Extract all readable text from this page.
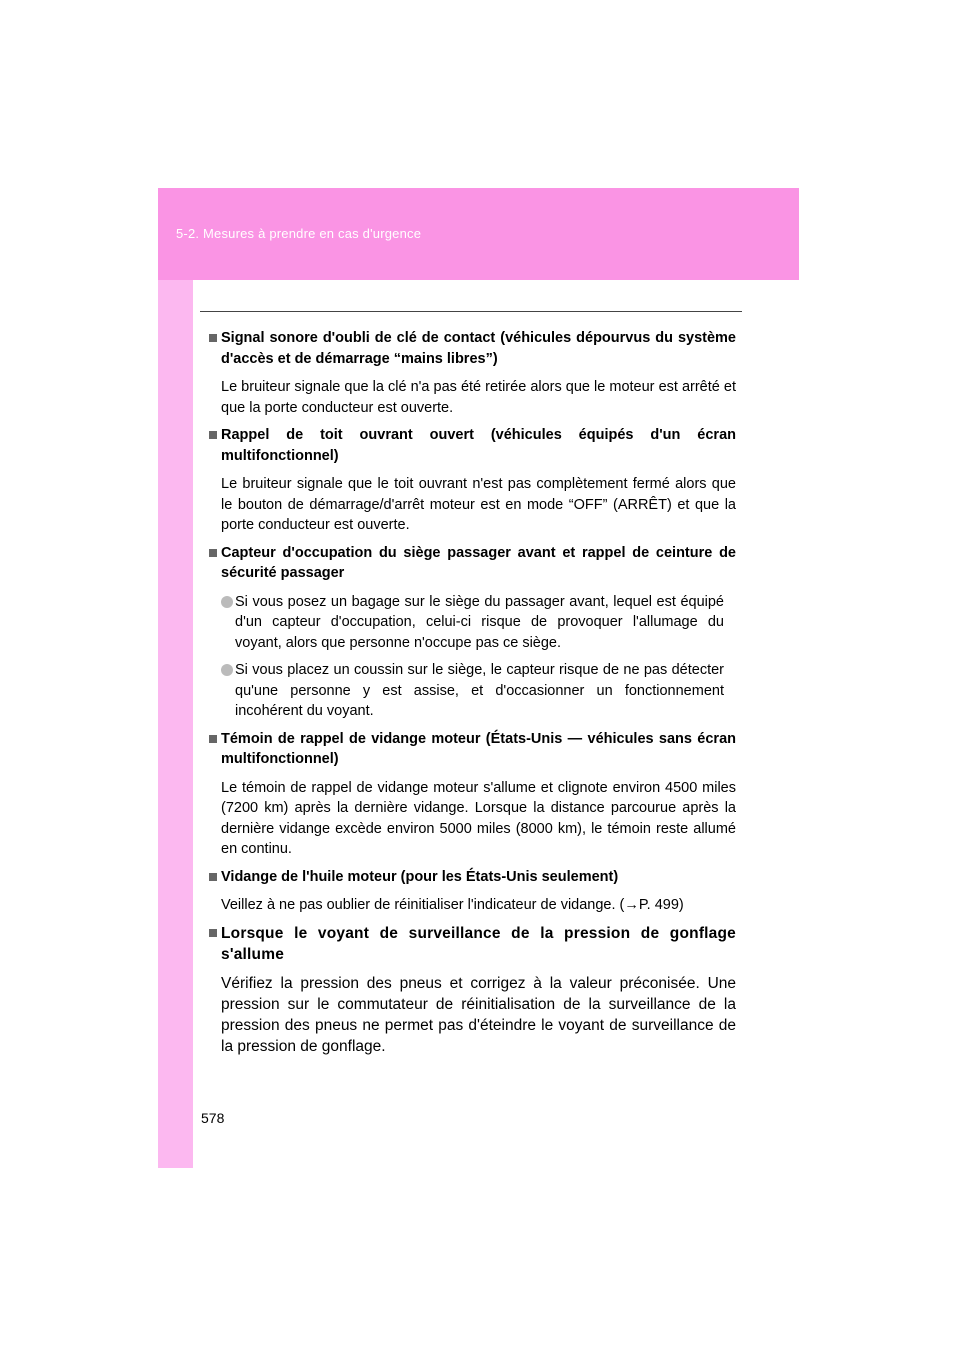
5-2. Mesures à prendre en cas d'urgence
Signal sonore d'oubli de clé de contact (véhicules dépourvus du système d'accès et de démarrage “mains libres”)
Le bruiteur signale que la clé n'a pas été retirée alors que le moteur est arrêté et que la porte conducteur est ouverte.
Rappel de toit ouvrant ouvert (véhicules équipés d'un écran multifonctionnel)
Le bruiteur signale que le toit ouvrant n'est pas complètement fermé alors que le bouton de démarrage/d'arrêt moteur est en mode “OFF” (ARRÊT) et que la porte conducteur est ouverte.
Capteur d'occupation du siège passager avant et rappel de ceinture de sécurité passager
Si vous posez un bagage sur le siège du passager avant, lequel est équipé d'un capteur d'occupation, celui-ci risque de provoquer l'allumage du voyant, alors que personne n'occupe pas ce siège.
Si vous placez un coussin sur le siège, le capteur risque de ne pas détecter qu'une personne y est assise, et d'occasionner un fonctionnement incohérent du voyant.
Témoin de rappel de vidange moteur (États-Unis — véhicules sans écran multifonctionnel)
Le témoin de rappel de vidange moteur s'allume et clignote environ 4500 miles (7200 km) après la dernière vidange. Lorsque la distance parcourue après la dernière vidange excède environ 5000 miles (8000 km), le témoin reste allumé en continu.
Vidange de l'huile moteur (pour les États-Unis seulement)
Veillez à ne pas oublier de réinitialiser l'indicateur de vidange. (→P. 499)
Lorsque le voyant de surveillance de la pression de gonflage s'allume
Vérifiez la pression des pneus et corrigez à la valeur préconisée. Une pression sur le commutateur de réinitialisation de la surveillance de la pression des pneus ne permet pas d'éteindre le voyant de surveillance de la pression de gonflage.
578
